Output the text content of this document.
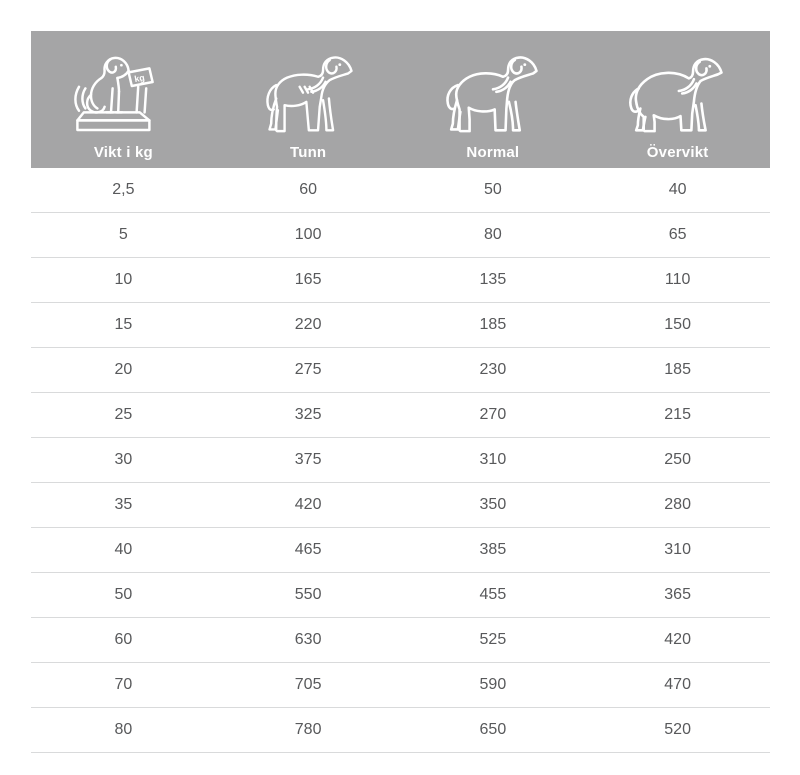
kg
Vikt i kg	Tunn	Normal	Övervikt
2,5	60	50	40
5	100	80	65
10	165	135	110
15	220	185	150
20	275	230	185
25	325	270	215
30	375	310	250
35	420	350	280
40	465	385	310
50	550	455	365
60	630	525	420
70	705	590	470
80	780	650	520
